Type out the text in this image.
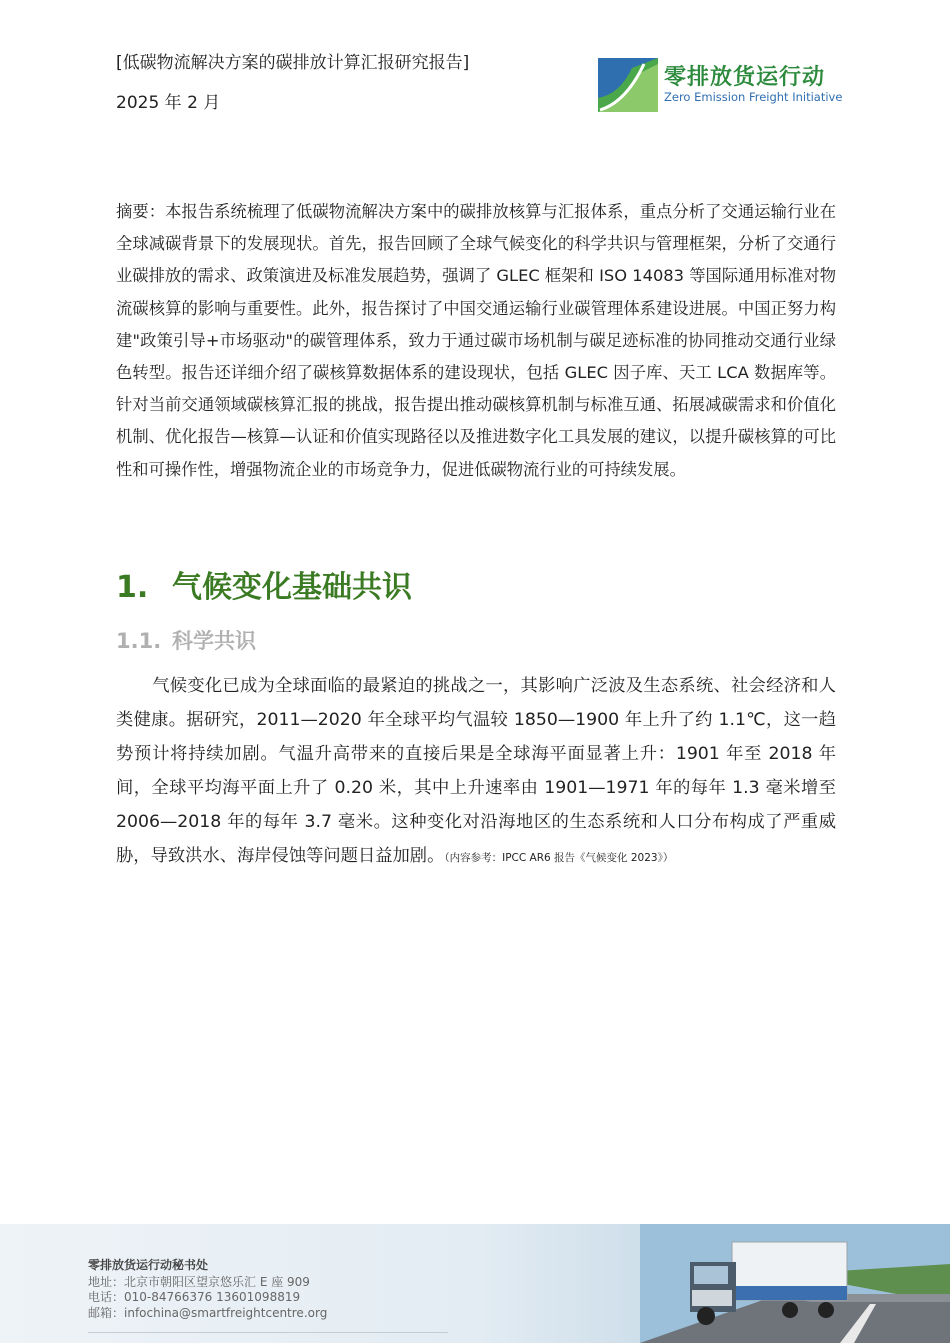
[低碳物流解决方案的碳排放计算汇报研究报告]
2025 年 2 月
零排放货运行动
Zero Emission Freight Initiative
摘要：本报告系统梳理了低碳物流解决方案中的碳排放核算与汇报体系，重点分析了交通运输行业在全球减碳背景下的发展现状。首先，报告回顾了全球气候变化的科学共识与管理框架，分析了交通行业碳排放的需求、政策演进及标准发展趋势，强调了 GLEC 框架和 ISO 14083 等国际通用标准对物流碳核算的影响与重要性。此外，报告探讨了中国交通运输行业碳管理体系建设进展。中国正努力构建"政策引导+市场驱动"的碳管理体系，致力于通过碳市场机制与碳足迹标准的协同推动交通行业绿色转型。报告还详细介绍了碳核算数据体系的建设现状，包括 GLEC 因子库、天工 LCA 数据库等。针对当前交通领域碳核算汇报的挑战，报告提出推动碳核算机制与标准互通、拓展减碳需求和价值化机制、优化报告—核算—认证和价值实现路径以及推进数字化工具发展的建议，以提升碳核算的可比性和可操作性，增强物流企业的市场竞争力，促进低碳物流行业的可持续发展。
1. 气候变化基础共识
1.1. 科学共识
气候变化已成为全球面临的最紧迫的挑战之一，其影响广泛波及生态系统、社会经济和人类健康。据研究，2011—2020 年全球平均气温较 1850—1900 年上升了约 1.1℃，这一趋势预计将持续加剧。气温升高带来的直接后果是全球海平面显著上升：1901 年至 2018 年间，全球平均海平面上升了 0.20 米，其中上升速率由 1901—1971 年的每年 1.3 毫米增至 2006—2018 年的每年 3.7 毫米。这种变化对沿海地区的生态系统和人口分布构成了严重威胁，导致洪水、海岸侵蚀等问题日益加剧。（内容参考：IPCC AR6 报告《气候变化 2023》）
零排放货运行动秘书处
地址：北京市朝阳区望京悠乐汇 E 座 909
电话：010-84766376 13601098819
邮箱：infochina@smartfreightcentre.org
